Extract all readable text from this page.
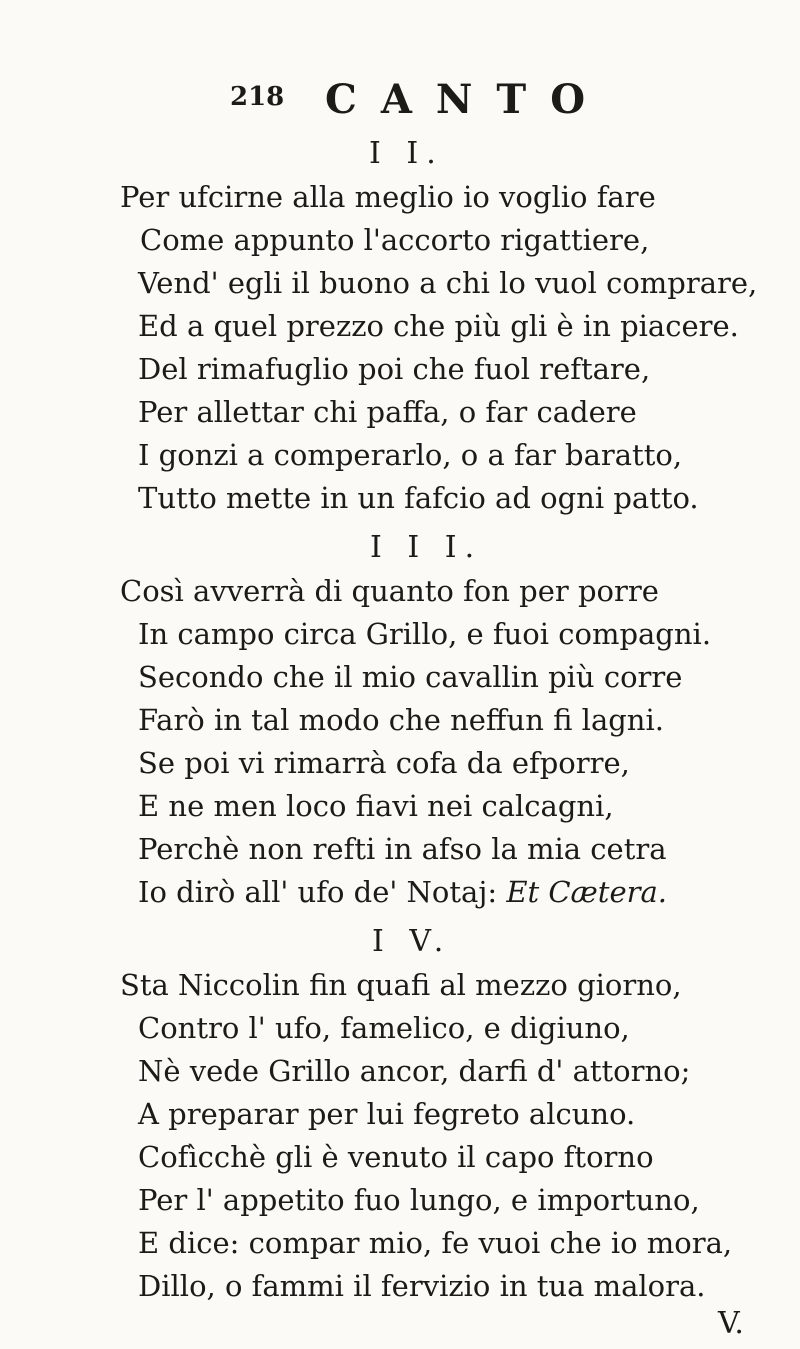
218 CANTO
I I.
Per ufcirne alla meglio io voglio fare
Come appunto l'accorto rigattiere,
Vend' egli il buono a chi lo vuol comprare,
Ed a quel prezzo che più gli è in piacere.
Del rimafuglio poi che fuol reftare,
Per allettar chi paffa, o far cadere
I gonzi a comperarlo, o a far baratto,
Tutto mette in un fafcio ad ogni patto.
I I I.
Così avverrà di quanto fon per porre
In campo circa Grillo, e fuoi compagni.
Secondo che il mio cavallin più corre
Farò in tal modo che neffun fi lagni.
Se poi vi rimarrà cofa da efporre,
E ne men loco fiavi nei calcagni,
Perchè non refti in afso la mia cetra
Io dirò all' ufo de' Notaj: Et Cætera.
I V.
Sta Niccolin fin quafi al mezzo giorno,
Contro l' ufo, famelico, e digiuno,
Nè vede Grillo ancor, darfi d' attorno;
A preparar per lui fegreto alcuno.
Cofìcchè gli è venuto il capo ftorno
Per l' appetito fuo lungo, e importuno,
E dice: compar mio, fe vuoi che io mora,
Dillo, o fammi il fervizio in tua malora.
V.
